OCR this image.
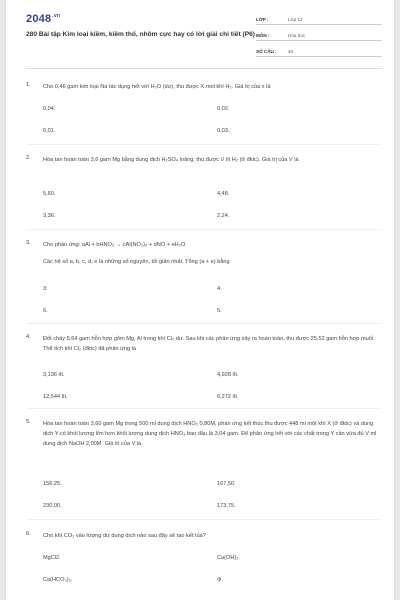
$2048^{.vn}$
280 Bài tập Kim loại kiềm, kiềm thổ, nhôm cực hay có lời giải chi tiết (P6)
LỚP :	Lớp 12
MÔN :	Hóa học
SỐ CÂU :	40
1. Cho 0,46 gam kim loại Na tác dụng hết với H₂O (dư), thu được X mol khí H₂. Giá trị của x là
0,04.	0,02.
0,01.	0,03.
2. Hòa tan hoàn toàn 3,6 gam Mg bằng dung dịch H₂SO₄ loãng, thu được V lít H₂ (ở đktc). Giá trị của V là
5,60.	4,48.
3,36.	2,24.
3. Cho phản ứng: aAl + bHNO₃ → cAl(NO₃)₃ + dNO + eH₂O.
Các hệ số a, b, c, d, e là những số nguyên, tối giản nhất. Tổng (a + e) bằng
3.	4.
6.	5.
4. Đốt cháy 5,64 gam hỗn hợp gồm Mg, Al trong khí Cl₂ dư. Sau khi các phản ứng xảy ra hoàn toàn, thu được 25,52 gam hỗn hợp muối. Thể tích khí Cl₂ (đktc) đã phản ứng là
3,136 lít.	4,928 lít.
12,544 lít.	6,272 lít.
5. Hòa tan hoàn toàn 3,60 gam Mg trong 500 ml dung dịch HNO₃ 0,80M, phản ứng kết thúc thu được 448 ml một khí X (ở đktc) và dung dịch Y có khối lượng lớn hơn khối lượng dung dịch HNO₃ ban đầu là 3,04 gam. Để phản ứng hết với các chất trong Y cần vừa đủ V ml dung dịch NaOH 2,00M. Giá trị của V là
156,25.	167,50.
230,00.	173,75.
6. Cho khí CO₂ vào lượng dư dung dịch nào sau đây sẽ tạo kết tủa?
MgCl2.	Ca(OH)₂.
Ca(HCO₃)₂.	Φ
